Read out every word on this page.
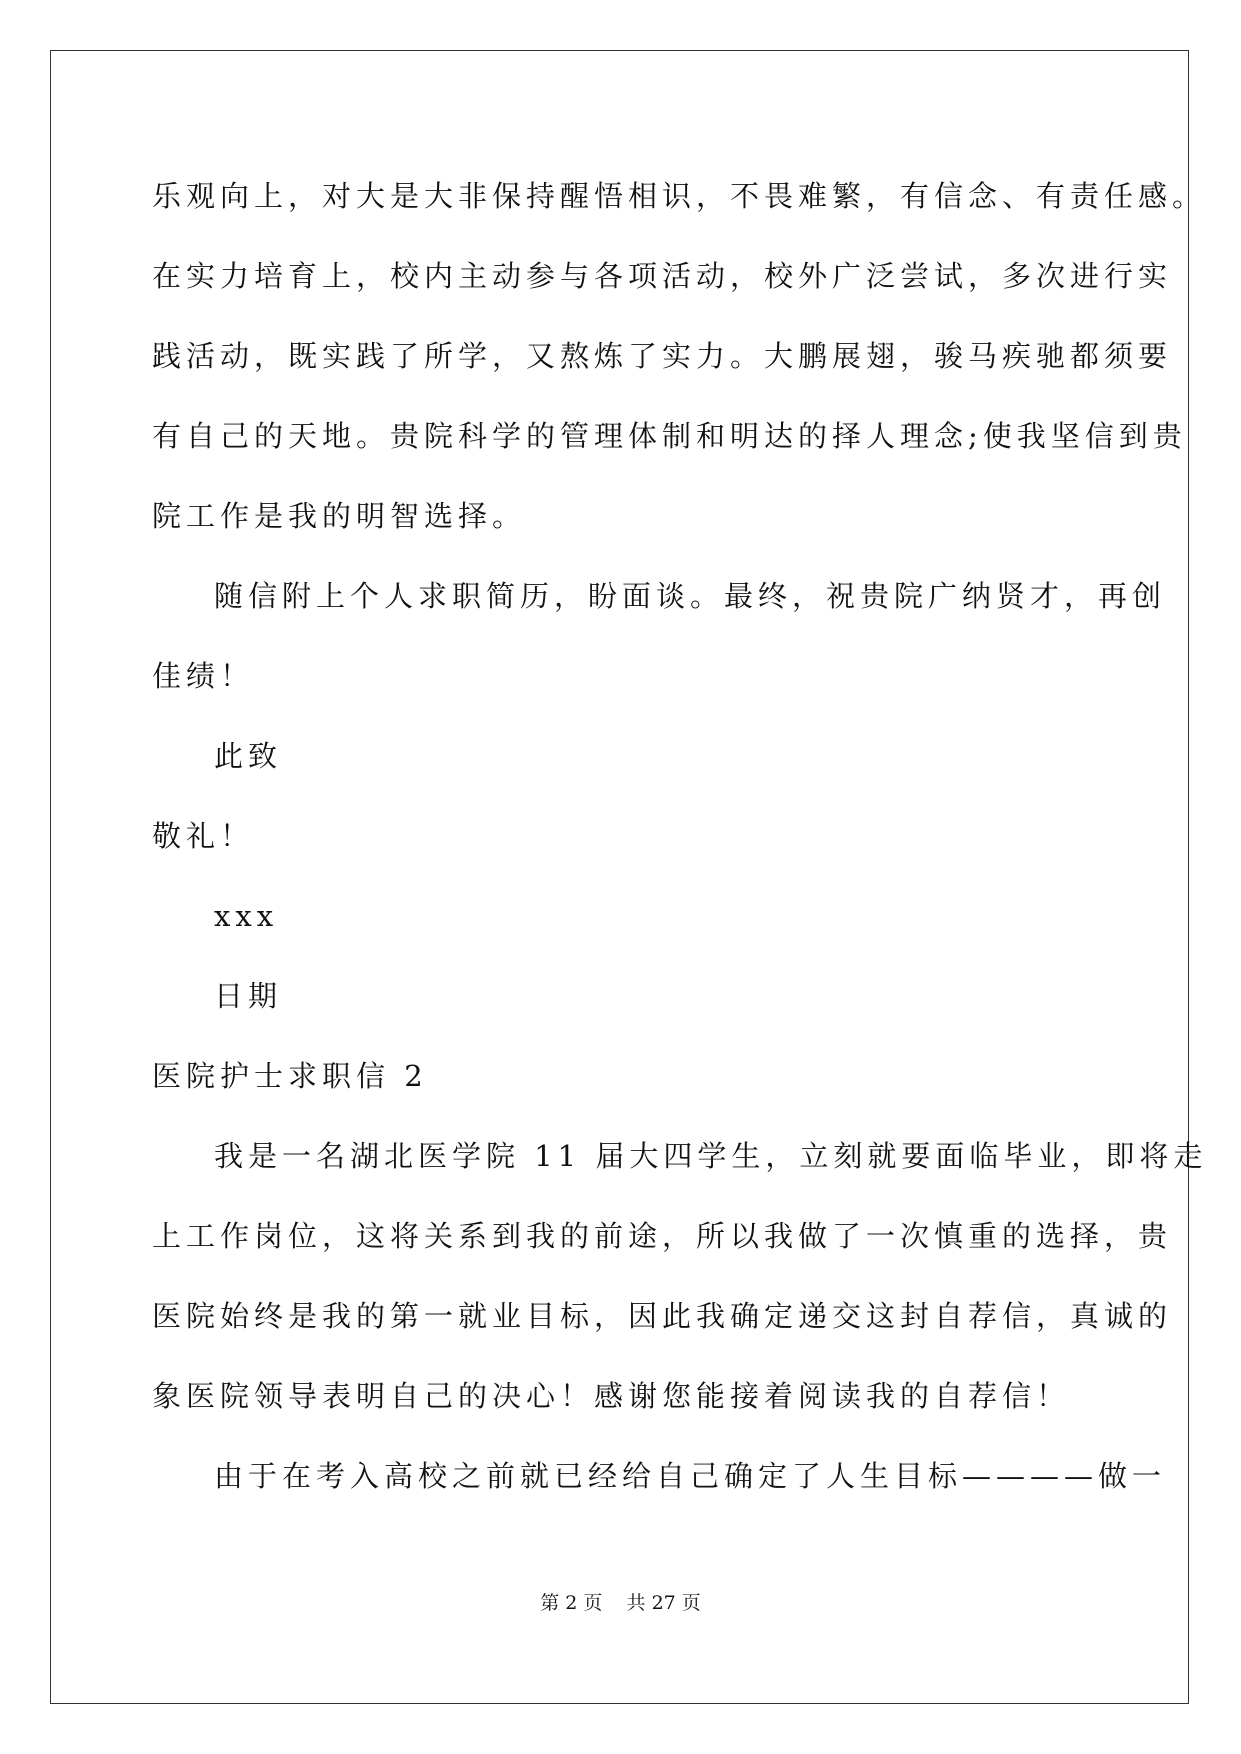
乐观向上，对大是大非保持醒悟相识，不畏难繁，有信念、有责任感。
在实力培育上，校内主动参与各项活动，校外广泛尝试，多次进行实
践活动，既实践了所学，又熬炼了实力。大鹏展翅，骏马疾驰都须要
有自己的天地。贵院科学的管理体制和明达的择人理念;使我坚信到贵
院工作是我的明智选择。
随信附上个人求职简历，盼面谈。最终，祝贵院广纳贤才，再创
佳绩！
此致
敬礼！
xxx
日期
医院护士求职信 2
我是一名湖北医学院 11 届大四学生，立刻就要面临毕业，即将走
上工作岗位，这将关系到我的前途，所以我做了一次慎重的选择，贵
医院始终是我的第一就业目标，因此我确定递交这封自荐信，真诚的
象医院领导表明自己的决心！感谢您能接着阅读我的自荐信！
由于在考入高校之前就已经给自己确定了人生目标————做一
第 2 页    共 27 页
